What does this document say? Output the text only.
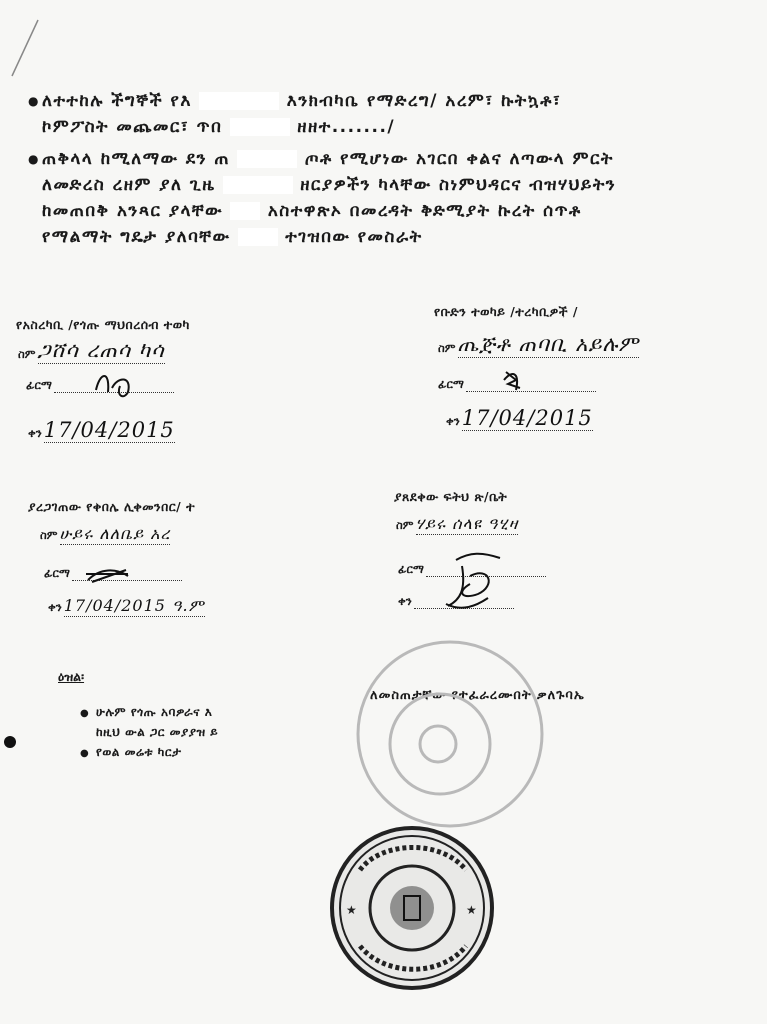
● ለተተከሉ ችግኞች የእ	እንክብካቤ የማድረግ/ አረም፣ ኩትኳቶ፣
ኮምፖስት መጨመር፣ ጥበ	ዘዘተ......./
● ጠቅላላ ከሚለማው ደን ጠ	ጦቶ የሚሆነው አገርበ ቀልና ለጣውላ ምርት
ለመድረስ ረዘም ያለ ጊዜ	ዘርያዎችን ካላቸው ስነምህዳርና ብዝሃህይትን
ከመጠበቅ አንጻር ያላቸው	አስተዋጽኦ በመረዳት ቅድሚያት ኩረት ሰጥቶ
የማልማት ግዴታ ያለባቸው	ተገዝበው የመስራት
የአስረካቢ /የጎጡ ማህበረሰብ ተወካ
ስም ጋሸሳ ረጠሳ ካሳ
ፊርማ
ቀን 17/04/2015
የቡድን ተወካይ /ተረካቢዎች /
ስም ጤጅቶ ጠባቢ አይሉም
ፊርማ
ቀን 17/04/2015
ያረጋገጠው የቀበሌ ሊቀመንበር/ ተ
ስም ሁይሩ ለለቤይ አረ
ፊርማ
ቀን 17/04/2015 ዓ.ም
ያጸደቀው ፍትህ ጽ/ቤት
ስም ሃይሩ ሰላዩ ዓሂዛ
ፊርማ
ቀን
ዕዝል፡
● ሁሉም የጎጡ አባዎራና እ
ከዚህ ውል ጋር መያያዝ ይ
● የወል መሬቱ ካርታ
ለመስጠታቸው የተፈራረሙበት ቃለጉባኤ
★	★
